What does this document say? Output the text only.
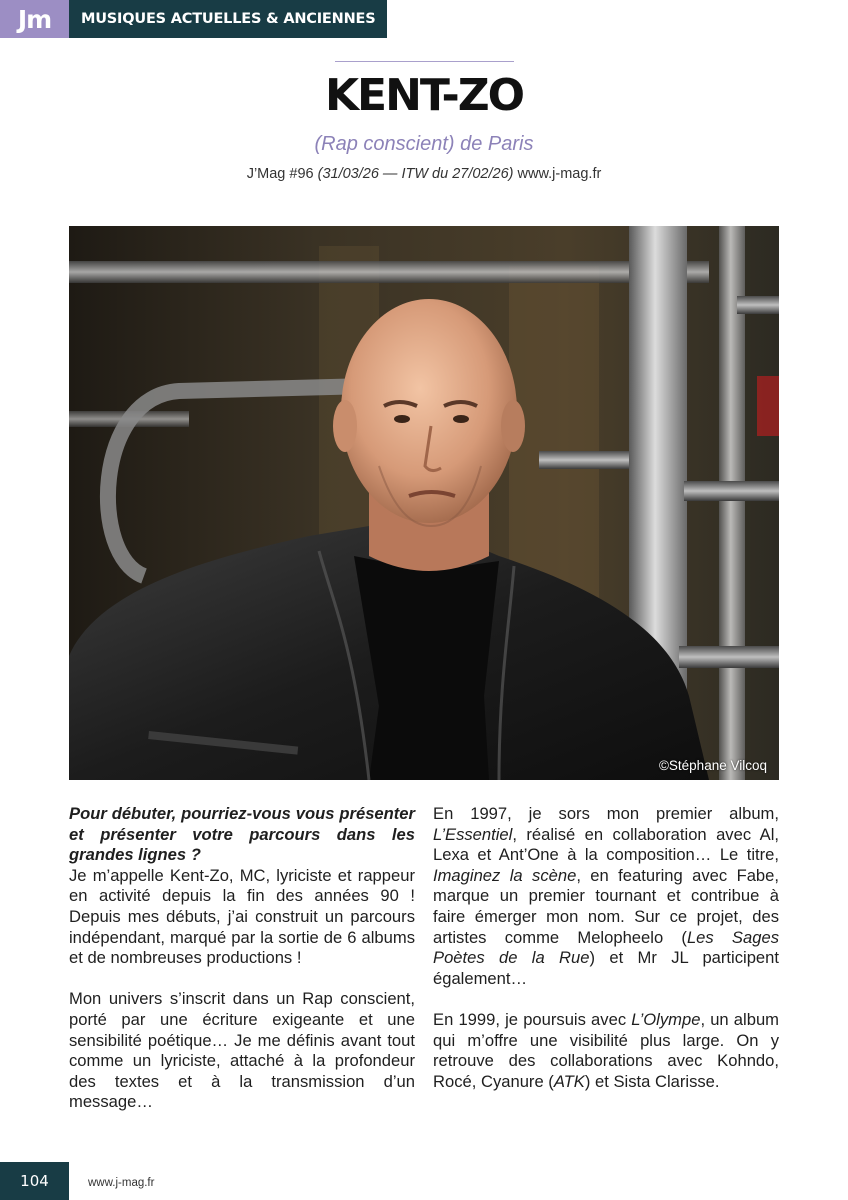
Jm	MUSIQUES ACTUELLES & ANCIENNES
KENT-ZO
(Rap conscient) de Paris
J’Mag #96 (31/03/26 — ITW du 27/02/26) www.j-mag.fr
©Stéphane Vilcoq

Pour débuter, pourriez-vous vous présenter et présenter votre parcours dans les grandes lignes ?

Je m’appelle Kent-Zo, MC, lyriciste et rappeur en activité depuis la fin des années 90 ! Depuis mes débuts, j’ai construit un parcours indépendant, marqué par la sortie de 6 albums et de nombreuses productions !

Mon univers s’inscrit dans un Rap conscient, porté par une écriture exigeante et une sensibilité poétique… Je me définis avant tout comme un lyriciste, attaché à la profondeur des textes et à la transmission d’un message…

En 1997, je sors mon premier album, L’Essentiel, réalisé en collaboration avec Al, Lexa et Ant’One à la composition… Le titre, Imaginez la scène, en featuring avec Fabe, marque un premier tournant et contribue à faire émerger mon nom. Sur ce projet, des artistes comme Melopheelo (Les Sages Poètes de la Rue) et Mr JL participent également…

En 1999, je poursuis avec L’Olympe, un album qui m’offre une visibilité plus large. On y retrouve des collaborations avec Kohndo, Rocé, Cyanure (ATK) et Sista Clarisse.

104	www.j-mag.fr
